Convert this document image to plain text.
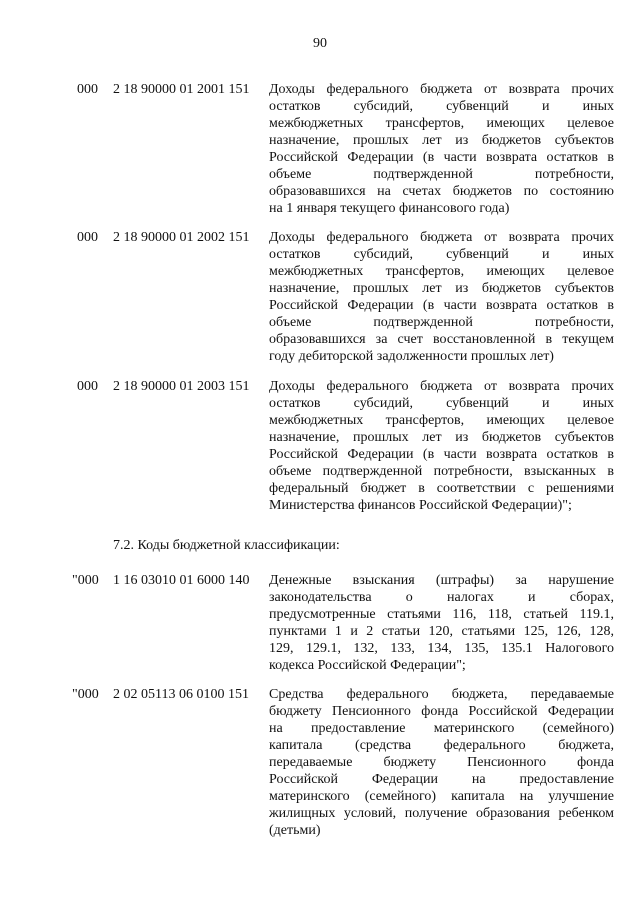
90
000	2 18 90000 01 2001 151	Доходы федерального бюджета от возврата прочих
остатков субсидий, субвенций и иных
межбюджетных трансфертов, имеющих целевое
назначение, прошлых лет из бюджетов субъектов
Российской Федерации (в части возврата остатков в
объеме подтвержденной потребности,
образовавшихся на счетах бюджетов по состоянию
на 1 января текущего финансового года)
000	2 18 90000 01 2002 151	Доходы федерального бюджета от возврата прочих
остатков субсидий, субвенций и иных
межбюджетных трансфертов, имеющих целевое
назначение, прошлых лет из бюджетов субъектов
Российской Федерации (в части возврата остатков в
объеме подтвержденной потребности,
образовавшихся за счет восстановленной в текущем
году дебиторской задолженности прошлых лет)
000	2 18 90000 01 2003 151	Доходы федерального бюджета от возврата прочих
остатков субсидий, субвенций и иных
межбюджетных трансфертов, имеющих целевое
назначение, прошлых лет из бюджетов субъектов
Российской Федерации (в части возврата остатков в
объеме подтвержденной потребности, взысканных в
федеральный бюджет в соответствии с решениями
Министерства финансов Российской Федерации)";
7.2. Коды бюджетной классификации:
"000	1 16 03010 01 6000 140	Денежные взыскания (штрафы) за нарушение
законодательства о налогах и сборах,
предусмотренные статьями 116, 118, статьей 119.1,
пунктами 1 и 2 статьи 120, статьями 125, 126, 128,
129, 129.1, 132, 133, 134, 135, 135.1 Налогового
кодекса Российской Федерации";
"000	2 02 05113 06 0100 151	Средства федерального бюджета, передаваемые
бюджету Пенсионного фонда Российской Федерации
на предоставление материнского (семейного)
капитала (средства федерального бюджета,
передаваемые бюджету Пенсионного фонда
Российской Федерации на предоставление
материнского (семейного) капитала на улучшение
жилищных условий, получение образования ребенком
(детьми)
